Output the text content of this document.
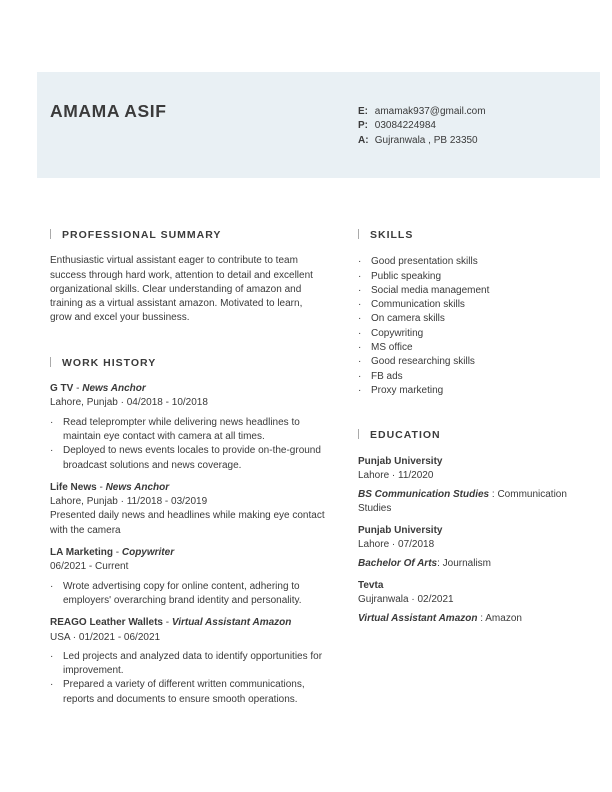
AMAMA ASIF	E: amamak937@gmail.com
P: 03084224984
A: Gujranwala , PB 23350
PROFESSIONAL SUMMARY
Enthusiastic virtual assistant eager to contribute to team success through hard work, attention to detail and excellent organizational skills. Clear understanding of amazon and training as a virtual assistant amazon. Motivated to learn, grow and excel your bussiness.
WORK HISTORY
G TV - News Anchor
Lahore, Punjab · 04/2018 - 10/2018
· Read teleprompter while delivering news headlines to maintain eye contact with camera at all times.
· Deployed to news events locales to provide on-the-ground broadcast solutions and news coverage.
Life News - News Anchor
Lahore, Punjab · 11/2018 - 03/2019
Presented daily news and headlines while making eye contact with the camera
LA Marketing - Copywriter
06/2021 - Current
· Wrote advertising copy for online content, adhering to employers' overarching brand identity and personality.
REAGO Leather Wallets - Virtual Assistant Amazon
USA · 01/2021 - 06/2021
· Led projects and analyzed data to identify opportunities for improvement.
· Prepared a variety of different written communications, reports and documents to ensure smooth operations.
SKILLS
· Good presentation skills
· Public speaking
· Social media management
· Communication skills
· On camera skills
· Copywriting
· MS office
· Good researching skills
· FB ads
· Proxy marketing
EDUCATION
Punjab University
Lahore · 11/2020
BS Communication Studies : Communication Studies
Punjab University
Lahore · 07/2018
Bachelor Of Arts: Journalism
Tevta
Gujranwala · 02/2021
Virtual Assistant Amazon : Amazon
